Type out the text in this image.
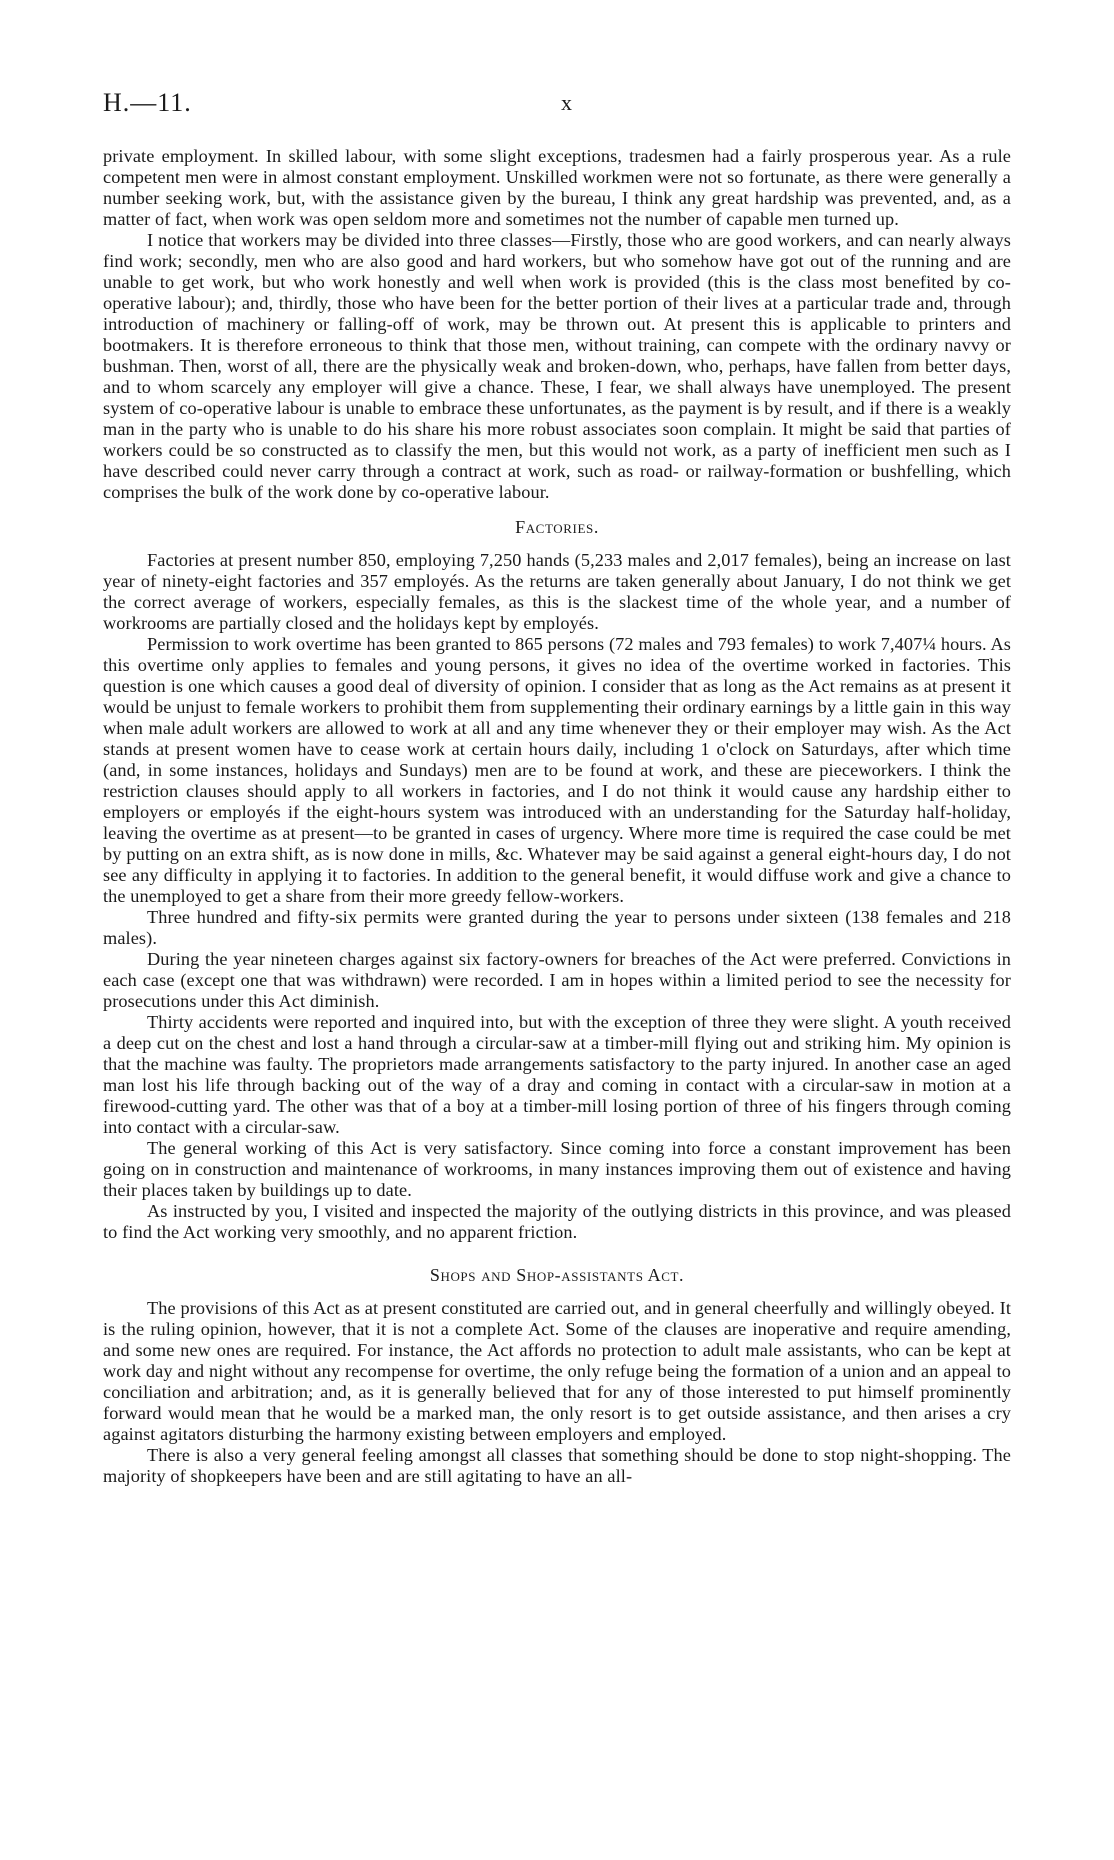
H.—11.	x

private employment. In skilled labour, with some slight exceptions, tradesmen had a fairly prosperous year. As a rule competent men were in almost constant employment. Unskilled workmen were not so fortunate, as there were generally a number seeking work, but, with the assistance given by the bureau, I think any great hardship was prevented, and, as a matter of fact, when work was open seldom more and sometimes not the number of capable men turned up.

I notice that workers may be divided into three classes—Firstly, those who are good workers, and can nearly always find work; secondly, men who are also good and hard workers, but who somehow have got out of the running and are unable to get work, but who work honestly and well when work is provided (this is the class most benefited by co-operative labour); and, thirdly, those who have been for the better portion of their lives at a particular trade and, through introduction of machinery or falling-off of work, may be thrown out. At present this is applicable to printers and bootmakers. It is therefore erroneous to think that those men, without training, can compete with the ordinary navvy or bushman. Then, worst of all, there are the physically weak and broken-down, who, perhaps, have fallen from better days, and to whom scarcely any employer will give a chance. These, I fear, we shall always have unemployed. The present system of co-operative labour is unable to embrace these unfortunates, as the payment is by result, and if there is a weakly man in the party who is unable to do his share his more robust associates soon complain. It might be said that parties of workers could be so constructed as to classify the men, but this would not work, as a party of inefficient men such as I have described could never carry through a contract at work, such as road- or railway-formation or bushfelling, which comprises the bulk of the work done by co-operative labour.

Factories.

Factories at present number 850, employing 7,250 hands (5,233 males and 2,017 females), being an increase on last year of ninety-eight factories and 357 employés. As the returns are taken generally about January, I do not think we get the correct average of workers, especially females, as this is the slackest time of the whole year, and a number of workrooms are partially closed and the holidays kept by employés.

Permission to work overtime has been granted to 865 persons (72 males and 793 females) to work 7,407¼ hours. As this overtime only applies to females and young persons, it gives no idea of the overtime worked in factories. This question is one which causes a good deal of diversity of opinion. I consider that as long as the Act remains as at present it would be unjust to female workers to prohibit them from supplementing their ordinary earnings by a little gain in this way when male adult workers are allowed to work at all and any time whenever they or their employer may wish. As the Act stands at present women have to cease work at certain hours daily, including 1 o'clock on Saturdays, after which time (and, in some instances, holidays and Sundays) men are to be found at work, and these are pieceworkers. I think the restriction clauses should apply to all workers in factories, and I do not think it would cause any hardship either to employers or employés if the eight-hours system was introduced with an understanding for the Saturday half-holiday, leaving the overtime as at present—to be granted in cases of urgency. Where more time is required the case could be met by putting on an extra shift, as is now done in mills, &c. Whatever may be said against a general eight-hours day, I do not see any difficulty in applying it to factories. In addition to the general benefit, it would diffuse work and give a chance to the unemployed to get a share from their more greedy fellow-workers.

Three hundred and fifty-six permits were granted during the year to persons under sixteen (138 females and 218 males).

During the year nineteen charges against six factory-owners for breaches of the Act were preferred. Convictions in each case (except one that was withdrawn) were recorded. I am in hopes within a limited period to see the necessity for prosecutions under this Act diminish.

Thirty accidents were reported and inquired into, but with the exception of three they were slight. A youth received a deep cut on the chest and lost a hand through a circular-saw at a timber-mill flying out and striking him. My opinion is that the machine was faulty. The proprietors made arrangements satisfactory to the party injured. In another case an aged man lost his life through backing out of the way of a dray and coming in contact with a circular-saw in motion at a firewood-cutting yard. The other was that of a boy at a timber-mill losing portion of three of his fingers through coming into contact with a circular-saw.

The general working of this Act is very satisfactory. Since coming into force a constant improvement has been going on in construction and maintenance of workrooms, in many instances improving them out of existence and having their places taken by buildings up to date.

As instructed by you, I visited and inspected the majority of the outlying districts in this province, and was pleased to find the Act working very smoothly, and no apparent friction.

Shops and Shop-assistants Act.

The provisions of this Act as at present constituted are carried out, and in general cheerfully and willingly obeyed. It is the ruling opinion, however, that it is not a complete Act. Some of the clauses are inoperative and require amending, and some new ones are required. For instance, the Act affords no protection to adult male assistants, who can be kept at work day and night without any recompense for overtime, the only refuge being the formation of a union and an appeal to conciliation and arbitration; and, as it is generally believed that for any of those interested to put himself prominently forward would mean that he would be a marked man, the only resort is to get outside assistance, and then arises a cry against agitators disturbing the harmony existing between employers and employed.

There is also a very general feeling amongst all classes that something should be done to stop night-shopping. The majority of shopkeepers have been and are still agitating to have an all-
